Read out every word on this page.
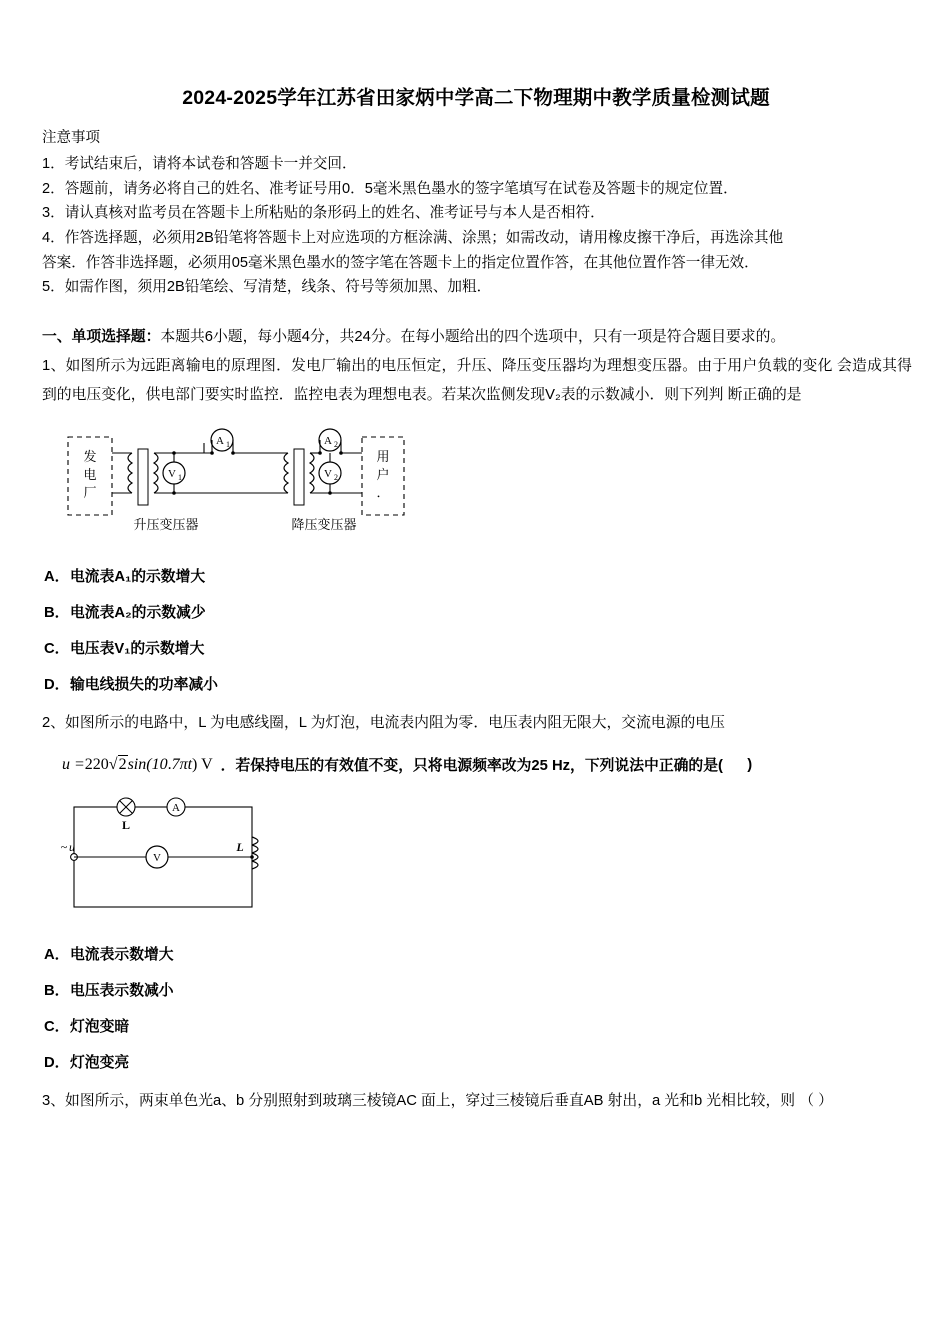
2024-2025学年江苏省田家炳中学高二下物理期中教学质量检测试题
注意事项
1．考试结束后，请将本试卷和答题卡一并交回．
2．答题前，请务必将自己的姓名、准考证号用0．5毫米黑色墨水的签字笔填写在试卷及答题卡的规定位置．
3．请认真核对监考员在答题卡上所粘贴的条形码上的姓名、准考证号与本人是否相符．
4．作答选择题，必须用2B铅笔将答题卡上对应选项的方框涂满、涂黑；如需改动，请用橡皮擦干净后，再选涂其他
答案．作答非选择题，必须用05毫米黑色墨水的签字笔在答题卡上的指定位置作答，在其他位置作答一律无效．
5．如需作图，须用2B铅笔绘、写清楚，线条、符号等须加黑、加粗．
一、单项选择题：本题共6小题，每小题4分，共24分。在每小题给出的四个选项中，只有一项是符合题目要求的。
1、如图所示为远距离输电的原理图．发电厂输出的电压恒定，升压、降压变压器均为理想变压器。由于用户负载的变化 会造成其得到的电压变化，供电部门要实时监控．监控电表为理想电表。若某次监侧发现V₂表的示数减小．则下列判 断正确的是
发
电
厂
用
户
．
A 1
V 1
A 2
V 2
升压变压器	降压变压器
A．电流表A₁的示数增大
B．电流表A₂的示数减少
C．电压表V₁的示数增大
D．输电线损失的功率减小
2、如图所示的电路中，L 为电感线圈，L 为灯泡，电流表内阻为零．电压表内阻无限大，交流电源的电压
u =220√2sin(10.7πt) V ．若保持电压的有效值不变，只将电源频率改为25 Hz，下列说法中正确的是(
)
L
A
~ u
V
L
A．电流表示数增大
B．电压表示数减小
C．灯泡变暗
D．灯泡变亮
3、如图所示，两束单色光a、b 分别照射到玻璃三棱镜AC 面上，穿过三棱镜后垂直AB 射出，a 光和b 光相比较，则 （ ）
